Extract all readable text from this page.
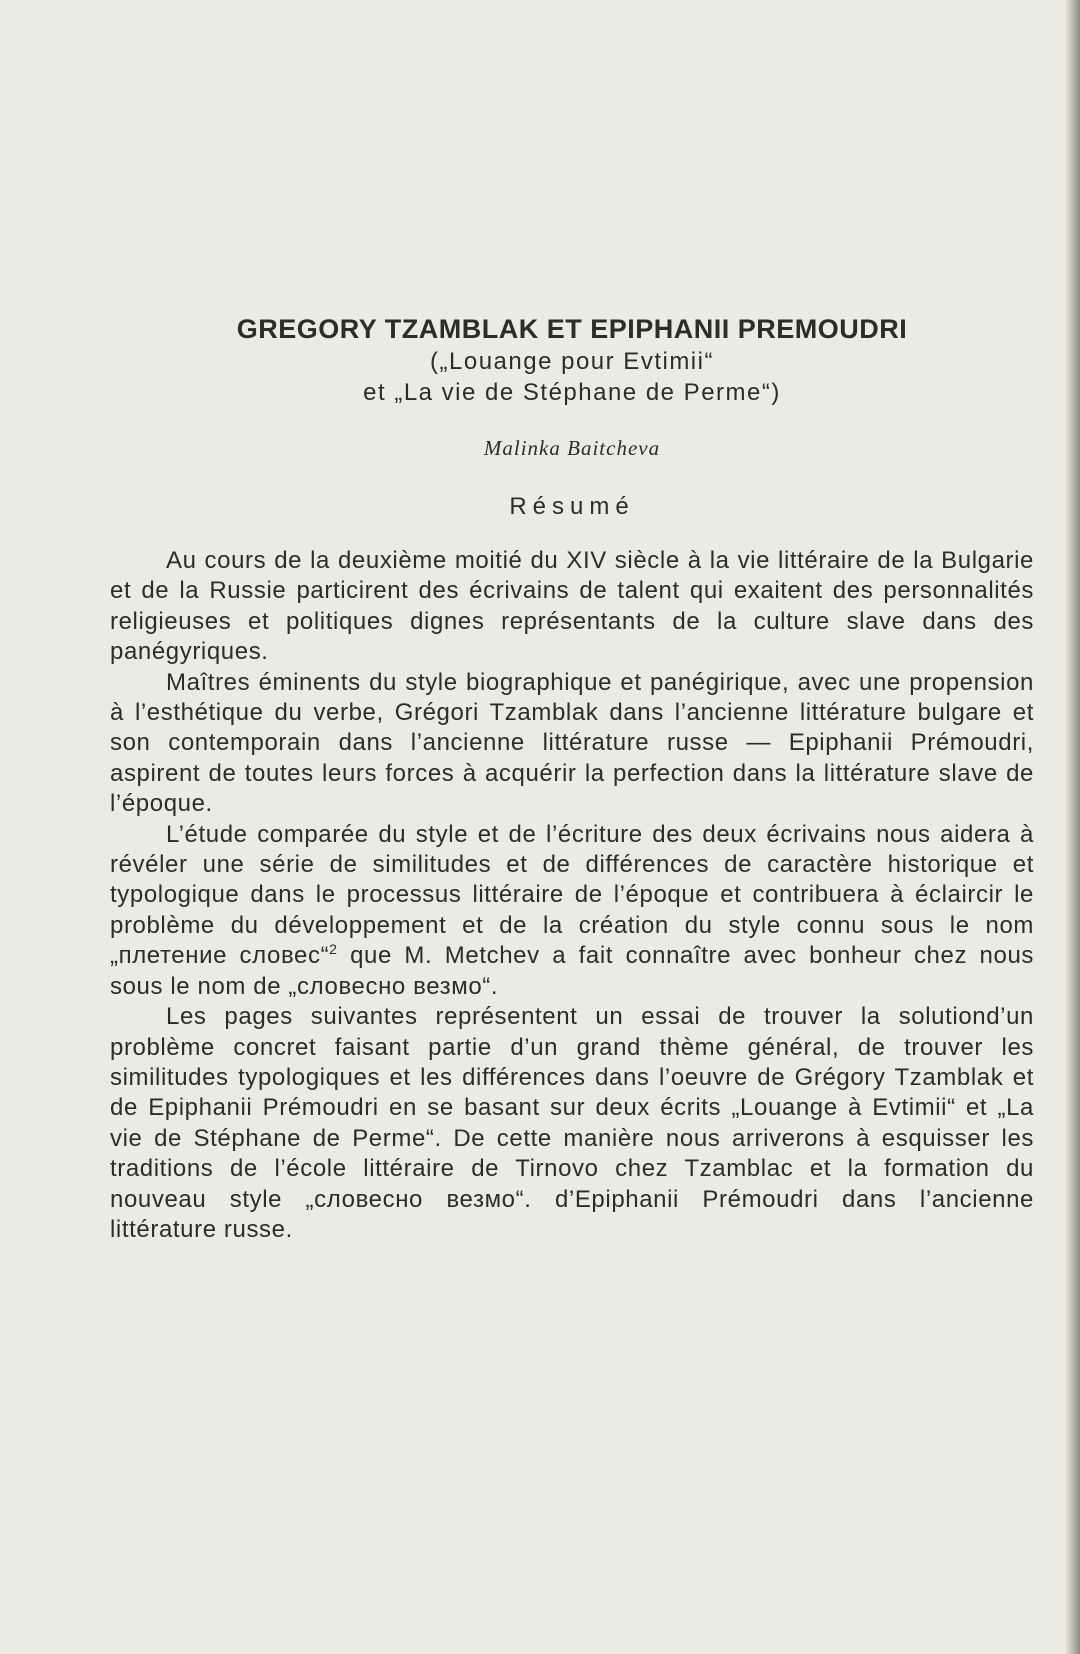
GREGORY TZAMBLAK ET EPIPHANII PREMOUDRI

(„Louange pour Evtimii“

et „La vie de Stéphane de Perme“)

Malinka Baitcheva
Résumé

Au cours de la deuxième moitié du XIV siècle à la vie littéraire de la Bulgarie et de la Russie particirent des écrivains de talent qui exaitent des personnalités religieuses et politiques dignes représentants de la culture slave dans des panégyriques.

Maîtres éminents du style biographique et panégirique, avec une propension à l’esthétique du verbe, Grégori Tzamblak dans l’ancienne littérature bulgare et son contemporain dans l’ancienne littérature russe — Epiphanii Prémoudri, aspirent de toutes leurs forces à acquérir la perfection dans la littérature slave de l’époque.

L’étude comparée du style et de l’écriture des deux écrivains nous aidera à révéler une série de similitudes et de différences de caractère historique et typologique dans le processus littéraire de l’époque et contribuera à éclaircir le problème du développement et de la création du style connu sous le nom „плетение словес“$^2$ que M. Metchev a fait connaître avec bonheur chez nous sous le nom de „словесно везмо“.

Les pages suivantes représentent un essai de trouver la solutiond’un problème concret faisant partie d’un grand thème général, de trouver les similitudes typologiques et les différences dans l’oeuvre de Grégory Tzamblak et de Epiphanii Prémoudri en se basant sur deux écrits „Louange à Evtimii“ et „La vie de Stéphane de Perme“. De cette manière nous arriverons à esquisser les traditions de l’école littéraire de Tirnovo chez Tzamblac et la formation du nouveau style „словесно везмо“. d’Epiphanii Prémoudri dans l’ancienne littérature russe.
